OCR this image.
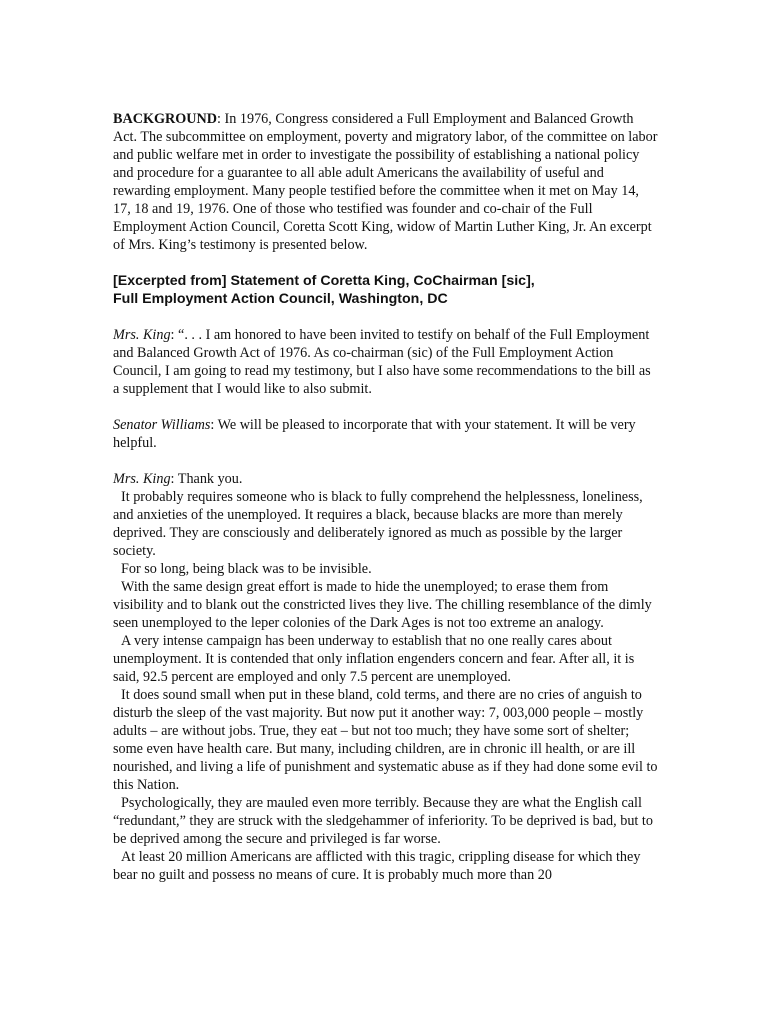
BACKGROUND: In 1976, Congress considered a Full Employment and Balanced Growth Act. The subcommittee on employment, poverty and migratory labor, of the committee on labor and public welfare met in order to investigate the possibility of establishing a national policy and procedure for a guarantee to all able adult Americans the availability of useful and rewarding employment. Many people testified before the committee when it met on May 14, 17, 18 and 19, 1976. One of those who testified was founder and co-chair of the Full Employment Action Council, Coretta Scott King, widow of Martin Luther King, Jr. An excerpt of Mrs. King’s testimony is presented below.

[Excerpted from] Statement of Coretta King, CoChairman [sic],
Full Employment Action Council, Washington, DC

Mrs. King: “. . . I am honored to have been invited to testify on behalf of the Full Employment and Balanced Growth Act of 1976. As co-chairman (sic) of the Full Employment Action Council, I am going to read my testimony, but I also have some recommendations to the bill as a supplement that I would like to also submit.

Senator Williams: We will be pleased to incorporate that with your statement. It will be very helpful.

Mrs. King: Thank you.

It probably requires someone who is black to fully comprehend the helplessness, loneliness, and anxieties of the unemployed. It requires a black, because blacks are more than merely deprived. They are consciously and deliberately ignored as much as possible by the larger society.

For so long, being black was to be invisible.

With the same design great effort is made to hide the unemployed; to erase them from visibility and to blank out the constricted lives they live. The chilling resemblance of the dimly seen unemployed to the leper colonies of the Dark Ages is not too extreme an analogy.

A very intense campaign has been underway to establish that no one really cares about unemployment. It is contended that only inflation engenders concern and fear. After all, it is said, 92.5 percent are employed and only 7.5 percent are unemployed.

It does sound small when put in these bland, cold terms, and there are no cries of anguish to disturb the sleep of the vast majority. But now put it another way: 7, 003,000 people – mostly adults – are without jobs. True, they eat – but not too much; they have some sort of shelter; some even have health care. But many, including children, are in chronic ill health, or are ill nourished, and living a life of punishment and systematic abuse as if they had done some evil to this Nation.

Psychologically, they are mauled even more terribly. Because they are what the English call “redundant,” they are struck with the sledgehammer of inferiority. To be deprived is bad, but to be deprived among the secure and privileged is far worse.

At least 20 million Americans are afflicted with this tragic, crippling disease for which they bear no guilt and possess no means of cure. It is probably much more than 20
